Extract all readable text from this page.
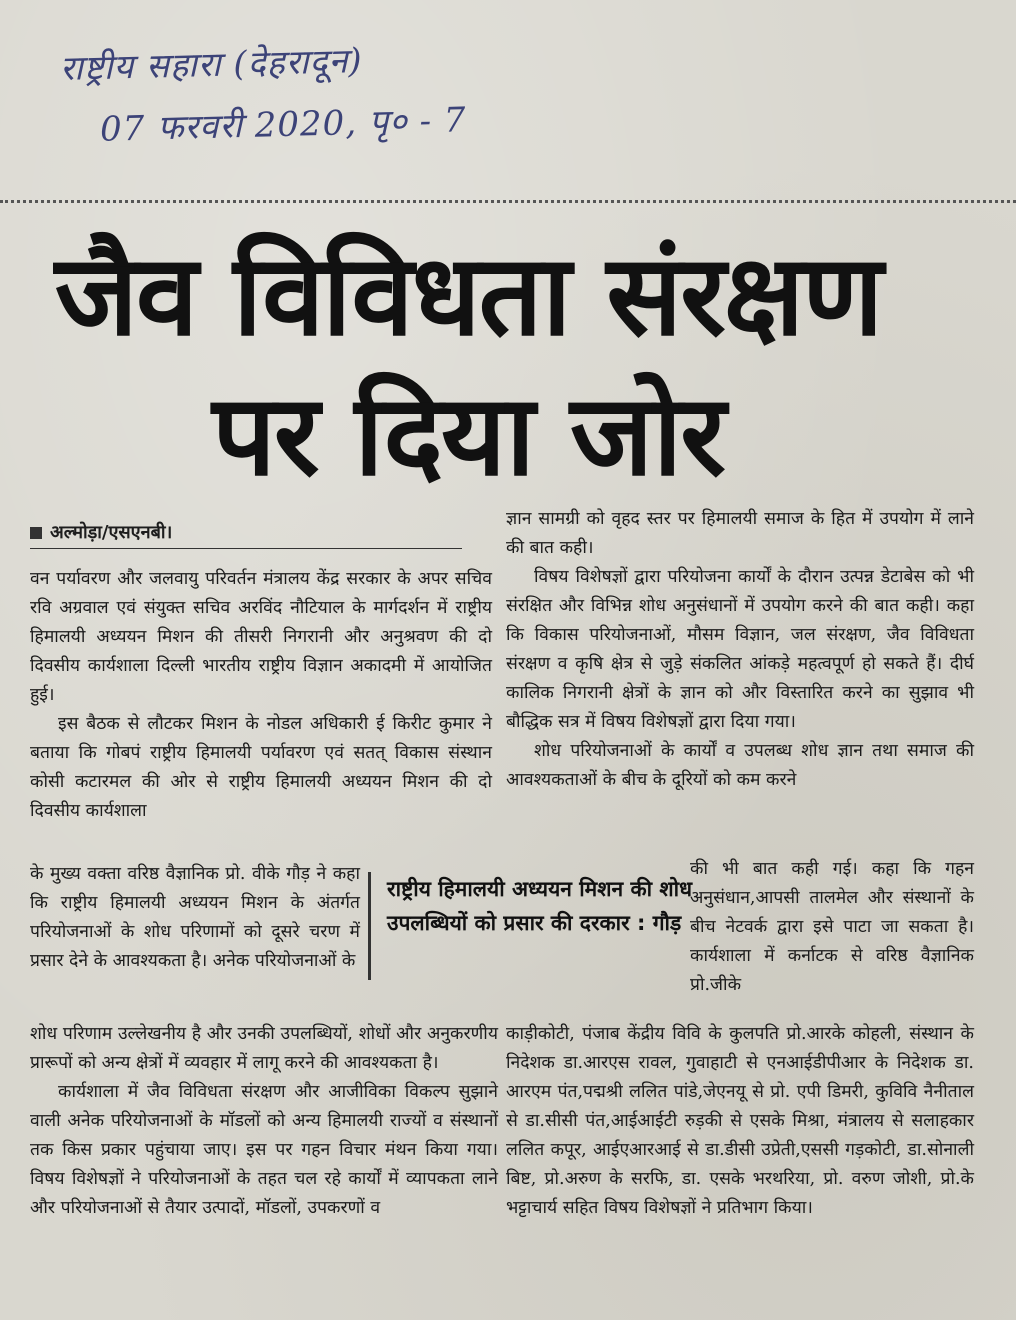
राष्ट्रीय सहारा (देहरादून)
07 फरवरी 2020, पृ० - 7
जैव विविधता संरक्षण
पर दिया जोर
अल्मोड़ा/एसएनबी।

वन पर्यावरण और जलवायु परिवर्तन मंत्रालय केंद्र सरकार के अपर सचिव रवि अग्रवाल एवं संयुक्त सचिव अरविंद नौटियाल के मार्गदर्शन में राष्ट्रीय हिमालयी अध्ययन मिशन की तीसरी निगरानी और अनुश्रवण की दो दिवसीय कार्यशाला दिल्ली भारतीय राष्ट्रीय विज्ञान अकादमी में आयोजित हुई।

इस बैठक से लौटकर मिशन के नोडल अधिकारी ई किरीट कुमार ने बताया कि गोबपं राष्ट्रीय हिमालयी पर्यावरण एवं सतत् विकास संस्थान कोसी कटारमल की ओर से राष्ट्रीय हिमालयी अध्ययन मिशन की दो दिवसीय कार्यशाला

के मुख्य वक्ता वरिष्ठ वैज्ञानिक प्रो. वीके गौड़ ने कहा कि राष्ट्रीय हिमालयी अध्ययन मिशन के अंतर्गत परियोजनाओं के शोध परिणामों को दूसरे चरण में प्रसार देने के आवश्यकता है। अनेक परियोजनाओं के

राष्ट्रीय हिमालयी अध्ययन मिशन की शोध उपलब्धियों को प्रसार की दरकार : गौड़

शोध परिणाम उल्लेखनीय है और उनकी उपलब्धियों, शोधों और अनुकरणीय प्रारूपों को अन्य क्षेत्रों में व्यवहार में लागू करने की आवश्यकता है।

कार्यशाला में जैव विविधता संरक्षण और आजीविका विकल्प सुझाने वाली अनेक परियोजनाओं के मॉडलों को अन्य हिमालयी राज्यों व संस्थानों तक किस प्रकार पहुंचाया जाए। इस पर गहन विचार मंथन किया गया। विषय विशेषज्ञों ने परियोजनाओं के तहत चल रहे कार्यों में व्यापकता लाने और परियोजनाओं से तैयार उत्पादों, मॉडलों, उपकरणों व

ज्ञान सामग्री को वृहद स्तर पर हिमालयी समाज के हित में उपयोग में लाने की बात कही।

विषय विशेषज्ञों द्वारा परियोजना कार्यों के दौरान उत्पन्न डेटाबेस को भी संरक्षित और विभिन्न शोध अनुसंधानों में उपयोग करने की बात कही। कहा कि विकास परियोजनाओं, मौसम विज्ञान, जल संरक्षण, जैव विविधता संरक्षण व कृषि क्षेत्र से जुड़े संकलित आंकड़े महत्वपूर्ण हो सकते हैं। दीर्घ कालिक निगरानी क्षेत्रों के ज्ञान को और विस्तारित करने का सुझाव भी बौद्धिक सत्र में विषय विशेषज्ञों द्वारा दिया गया।

शोध परियोजनाओं के कार्यों व उपलब्ध शोध ज्ञान तथा समाज की आवश्यकताओं के बीच के दूरियों को कम करने

की भी बात कही गई। कहा कि गहन अनुसंधान,आपसी तालमेल और संस्थानों के बीच नेटवर्क द्वारा इसे पाटा जा सकता है। कार्यशाला में कर्नाटक से वरिष्ठ वैज्ञानिक प्रो.जीके

काड़ीकोटी, पंजाब केंद्रीय विवि के कुलपति प्रो.आरके कोहली, संस्थान के निदेशक डा.आरएस रावल, गुवाहाटी से एनआईडीपीआर के निदेशक डा. आरएम पंत,पद्मश्री ललित पांडे,जेएनयू से प्रो. एपी डिमरी, कुविवि नैनीताल से डा.सीसी पंत,आईआईटी रुड़की से एसके मिश्रा, मंत्रालय से सलाहकार ललित कपूर, आईएआरआई से डा.डीसी उप्रेती,एससी गड़कोटी, डा.सोनाली बिष्ट, प्रो.अरुण के सरफि, डा. एसके भरथरिया, प्रो. वरुण जोशी, प्रो.के भट्टाचार्य सहित विषय विशेषज्ञों ने प्रतिभाग किया।
